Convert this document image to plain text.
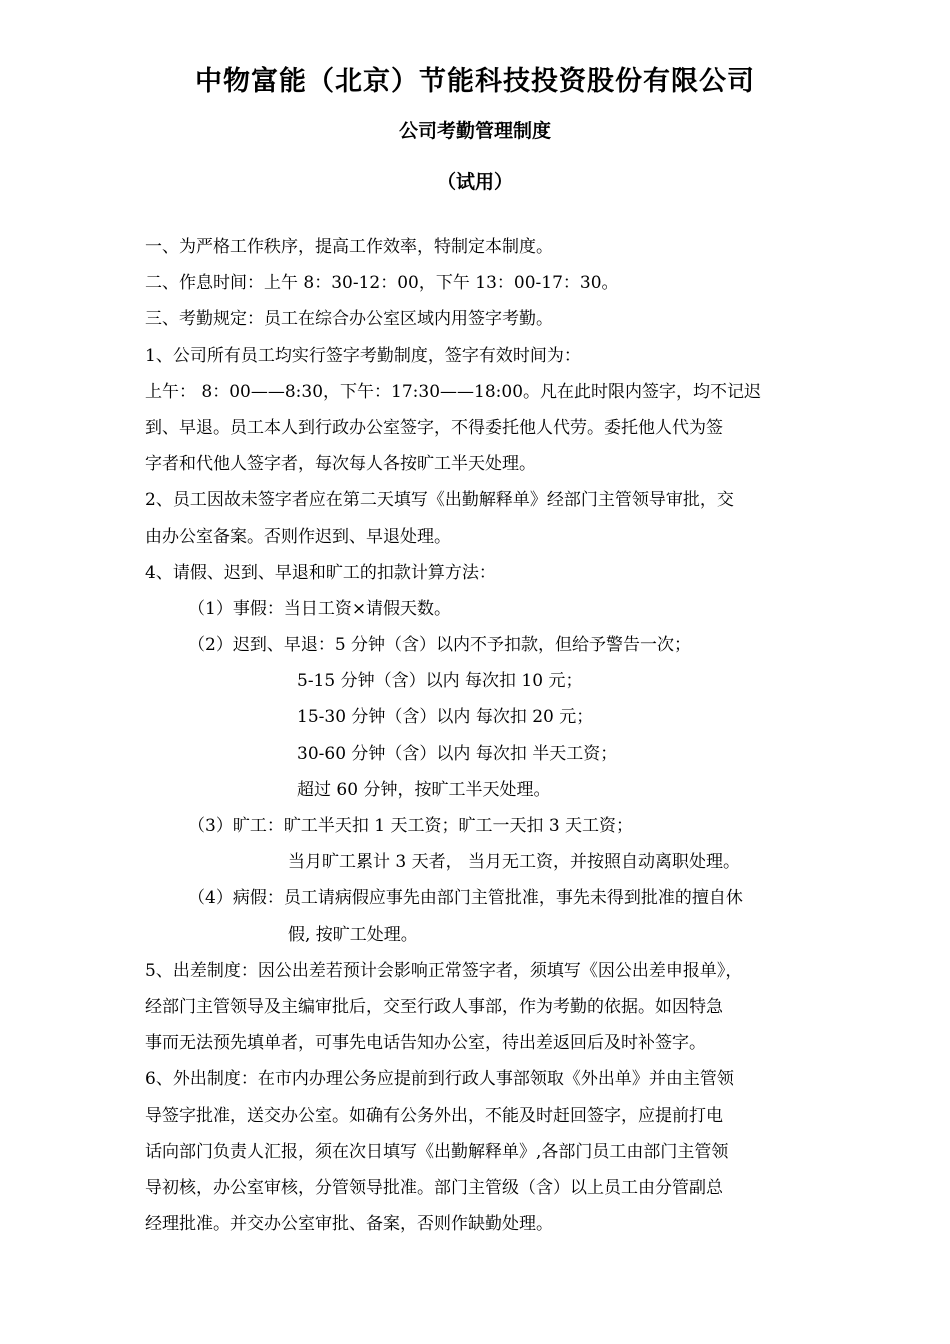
中物富能（北京）节能科技投资股份有限公司
公司考勤管理制度
（试用）
一、为严格工作秩序，提高工作效率，特制定本制度。
二、作息时间：上午 8：30-12：00，下午 13：00-17：30。
三、考勤规定：员工在综合办公室区域内用签字考勤。
1、公司所有员工均实行签字考勤制度，签字有效时间为：
上午： 8：00——8:30，下午：17:30——18:00。凡在此时限内签字，均不记迟
到、早退。员工本人到行政办公室签字，不得委托他人代劳。委托他人代为签
字者和代他人签字者，每次每人各按旷工半天处理。
2、员工因故未签字者应在第二天填写《出勤解释单》经部门主管领导审批，交
由办公室备案。否则作迟到、早退处理。
4、请假、迟到、早退和旷工的扣款计算方法：
（1）事假：当日工资×请假天数。
（2）迟到、早退：5 分钟（含）以内不予扣款，但给予警告一次；
5-15 分钟（含）以内 每次扣 10 元；
15-30 分钟（含）以内 每次扣 20 元；
30-60 分钟（含）以内 每次扣 半天工资；
超过 60 分钟，按旷工半天处理。
（3）旷工：旷工半天扣 1 天工资；旷工一天扣 3 天工资；
当月旷工累计 3 天者， 当月无工资，并按照自动离职处理。
（4）病假：员工请病假应事先由部门主管批准，事先未得到批准的擅自休
假, 按旷工处理。
5、出差制度：因公出差若预计会影响正常签字者，须填写《因公出差申报单》，
经部门主管领导及主编审批后，交至行政人事部，作为考勤的依据。如因特急
事而无法预先填单者，可事先电话告知办公室，待出差返回后及时补签字。
6、外出制度：在市内办理公务应提前到行政人事部领取《外出单》并由主管领
导签字批准，送交办公室。如确有公务外出，不能及时赶回签字，应提前打电
话向部门负责人汇报，须在次日填写《出勤解释单》,各部门员工由部门主管领
导初核，办公室审核，分管领导批准。部门主管级（含）以上员工由分管副总
经理批准。并交办公室审批、备案，否则作缺勤处理。
